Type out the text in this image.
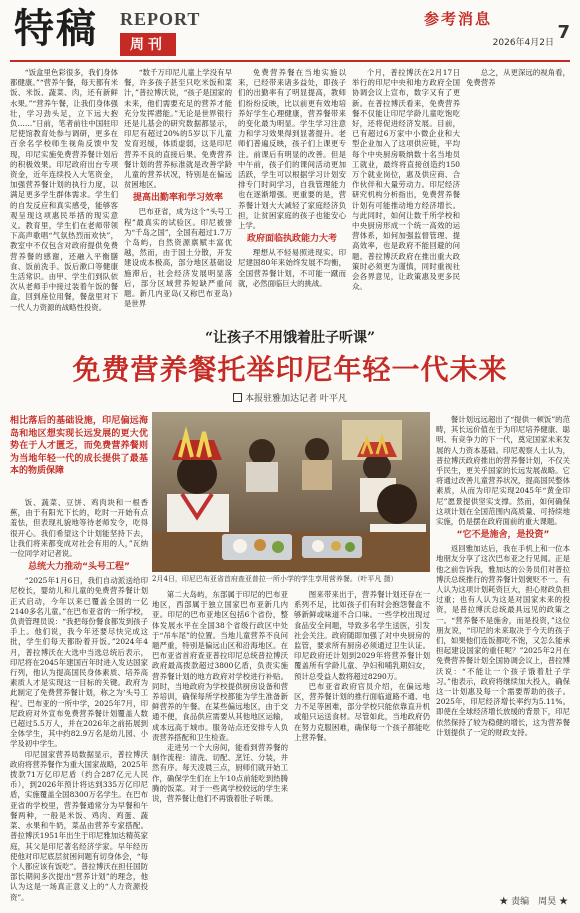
特稿 REPORT
周刊
参考消息
2026年4月2日 7

“饭盒里色彩很多，我们身体都健康。”“营养午餐，每天都有米饭、米饭、蔬菜、肉，还有新鲜水果。”“营养午餐，让我们身体强壮，学习劲头足，立下远大抱负……”日前，笔者前往中国驻印尼使馆教育处参与调研，更多在百余名学校师生视角反馈中发现，印尼实施免费营养餐计划后的积极效果。印尼政府出台专项资金，近年连续投入大笔资金，加强营养餐计划的执行力度，以满足更多学生群体需求。学生们的自发反应和真实感受，能够客观呈现这项惠民举措的现实意义。教育里，学生们在老师带领下高声歌唱“气氛热烈而欢快”，教室中不仅包含对政府提供免费营养餐的感谢，还融入平衡膳食、饭前洗手、饭后漱口等健康生活常识。由甲、学生们到队依次从老师手中接过装着午饭的餐盒，回到座位用餐，餐盘里对下一代人力资源的战略性投资。

“数千万印尼儿童上学没有早餐，许多孩子甚至只吃米饭和菜汁，”普拉博沃说，“孩子是国家的未来，他们需要充足的营养才能充分发挥潜能。”无论是世界银行还是儿基会的研究数据都显示，印尼有超过20%的5岁以下儿童发育迟缓，体质虚弱，这是印尼营养不良的直接后果。免费营养餐计划的营养标准就是改善学龄儿童的营养状况，特别是在偏远贫困地区。

提高出勤率和学习效率

巴布亚省，成为这个“头号工程”最真实的试验区。印尼被誉为“千岛之国”，全国有超过1.7万个岛屿，自然资源禀赋丰富优越，然而，由于国土分散，开发建设成本极高，部分地区基础设施滞后，社会经济发展明显落后，部分区域营养短缺严重问题。新几内亚岛(又称巴布亚岛)是世界

免费营养餐在当地实施以来，已经带来诸多益处，即孩子们的出勤率有了明显提高，教师们纷纷反映，比以前更有效地培养好学生心理健康，营养餐带来的变化最为明显。学生学习注意力和学习效果得到显著提升。老师们普遍反映，孩子们上课更专注。前课后有明显的改善。但是中午前，孩子们的课间活动更加活跃，学生可以根据学习计划安排专门时间学习，自我管理能力也在逐渐增强。更重要的是，营养餐计划大大减轻了家庭经济负担，让贫困家庭的孩子也能安心上学。

政府面临执政能力大考

理想从不轻易照进现实。印尼建国80年来始终发展不均衡，全国营养餐计划，不可能一蹴而就，必然面临巨大的挑战。

个月，普拉博沃在2月17日举行的印尼中央和地方政府全国协调会议上宣布，数字又有了更新。在普拉博沃看来，免费营养餐不仅能让印尼学龄儿童吃饱吃好，还将促进经济发展。目前，已有超过6万家中小微企业和大型企业加入了这项供应链，平均每个中央厨房吸纳数十名当地员工就业，最终将直接创造约150万个就业岗位，惠及供应商、合作伙伴和大量劳动力。印尼经济研究机构分析指出，免费营养餐计划有可能推动地方经济增长。与此同时，如何让数千所学校和中央厨房形成一个统一高效的运营体系，如何加强监督管理、提高效率，也是政府不能回避的问题。普拉博沃政府在推出重大政策时必须更为谨慎，同时重视社会各界意见，让政策惠及更多民众。

总之，从更深远的视角看，免费营养

“让孩子不用饿着肚子听课”
免费营养餐托举印尼年轻一代未来
本报驻雅加达记者 叶平凡
相比落后的基础设施，印尼偏远海岛和地区想实现长远发展的更大优势在于人才匮乏，而免费营养餐则为当地年轻一代的成长提供了最基本的物质保障

饭、蔬菜、豆饼、鸡肉块和一根香蕉，由于有阳光下长的，吃时一开始有点羞怯，但表现礼貌地等待老师发令，吃得很开心。我们希望这个计划能坚持下去，让我们将来都变成对社会有用的人，”瓦纳一位同学对记者说。

总统大力推动“头号工程”

“2025年1月6日，我们自动派送给印尼校长，婴幼儿和儿童的免费营养餐计划正式启动，今年以来已覆盖全国的一亿2140多名儿童。”在巴布亚省的一所学校，负责管理员说：“我把每份餐食都发到孩子手上。他们说，我今年还要尽快完成这批，学生们每天都盼着开饭。”2024年4月，普拉博沃在大选中当选总统后表示，印尼将在2045年建国百年时进入发达国家行列，他认为提高国民身体素质、培养高素质人才是实现这一目标的关键。政府为此制定了免费营养餐计划，称之为‘头号工程’。巴布亚的一所中学，2025年7月，印尼政府对外宣布免费营养餐计划覆盖人数已超过5.5万人，并在2026年之前拓展到全体学生，其中约82.9万名是幼儿园、小学及初中学生。

印尼国家营养局数据显示，普拉博沃政府将营养餐作为重大国家战略，2025年拨款71万亿印尼盾（约合287亿元人民币），到2026年预计将达到335万亿印尼盾，实施覆盖全国8300万名学生。在巴布亚省的学校里，营养餐通常分为早餐和午餐两种，一般是米饭、鸡肉、鸡蛋、蔬菜、水果和牛奶，菜品由营养专家搭配。普拉博沃1951年出生于印尼雅加达精英家庭，其父是印尼著名经济学家。早年经历使他对印尼底层贫困问题有切身体会，“每个人都应该有饭吃”。普拉博沃在担任国防部长期间多次提出“营养计划”的理念，他认为这是一场真正意义上的“人力资源投资”。

2月4日，印尼巴布亚省首府查亚普拉一所小学的学生享用营养餐。（叶平凡 摄）

第二大岛屿，东部属于印尼的巴布亚地区，西部属于独立国家巴布亚新几内亚。印尼的巴布亚地区包括6个省份，整体发展水平在全国38个省级行政区中处于“吊车尾”的位置。当地儿童营养不良问题严重，特别是偏远山区和沿海地区。在巴布亚省首府查亚普拉印尼总统普拉博沃政府最高拨款超过3800亿盾，负责实施营养餐计划的地方政府对学校进行补贴。同时，当地政府为学校提供厨房设备和营养培训，确保每所学校都能为学生准备新鲜营养的午餐。在某些偏远地区，由于交通不便，食品供应需要从其他地区运输，成本远高于城市。服务站点还安排专人负责营养搭配和卫生检查。

走进另一个大房间，能看到营养餐的制作流程：清洗、切配、烹饪、分装，井然有序。每天凌晨三点，厨师们就开始工作，确保学生们在上午10点前能吃到热腾腾的饭菜。对于一些离学校较远的学生来说，营养餐让他们不再饿着肚子听课。

图来带来出于，营养餐计划还存在一系列不足，比如孩子们有时会抱怨餐盒不够新鲜或味道不合口味。一些学校出现过食品安全问题，导致多名学生送医，引发社会关注。政府随即加强了对中央厨房的监管，要求所有厨房必须通过卫生认证。印尼政府还计划到2029年将营养餐计划覆盖所有学龄儿童、孕妇和哺乳期妇女，预计总受益人数将超过8290万。

巴布亚省政府官员介绍，在偏远地区，营养餐计划的推行面临道路不通、电力不足等困难，部分学校只能依靠直升机或船只运送食材。尽管如此，当地政府仍在努力克服困难，确保每一个孩子都能吃上营养餐。

餐计划远远超出了“提供一顿饭”的范畴，其长远价值在于为印尼培养健康、聪明、有竞争力的下一代，奠定国家未来发展的人力资本基础。印尼观察人士认为，普拉博沃政府推出的营养餐计划，不仅关乎民生，更关乎国家的长远发展战略。它将通过改善儿童营养状况，提高国民整体素质，从而为印尼实现2045年“黄金印尼”愿景提供坚实支撑。然而，如何确保这项计划在全国范围内高质量、可持续地实施，仍是摆在政府面前的重大课题。

“它不是施舍，是投资”

返回雅加达后，我在手机上和一位本地朋友分享了这次巴布亚之行见闻。正是他之前告诉我，雅加达的公务员们对普拉博沃总统推行的营养餐计划褒贬不一。有人认为这项计划耗资巨大，担心财政负担过重；也有人认为这是对国家未来的投资，是普拉博沃总统最具远见的政策之一。“营养餐不是施舍，而是投资，”这位朋友说，“印尼的未来取决于今天的孩子们，如果他们连饭都吃不饱，又怎么能承担起建设国家的重任呢？”2025年2月在免费营养餐计划全国协调会议上，普拉博沃说：“不能让一个孩子饿着肚子学习。”他表示，政府将继续加大投入，确保这一计划惠及每一个需要帮助的孩子。2025年，印尼经济增长率约为5.11%。即使在全球经济增长放缓的背景下，印尼依然保持了较为稳健的增长，这为营养餐计划提供了一定的财政支持。

★ 责编　周昊 ★
